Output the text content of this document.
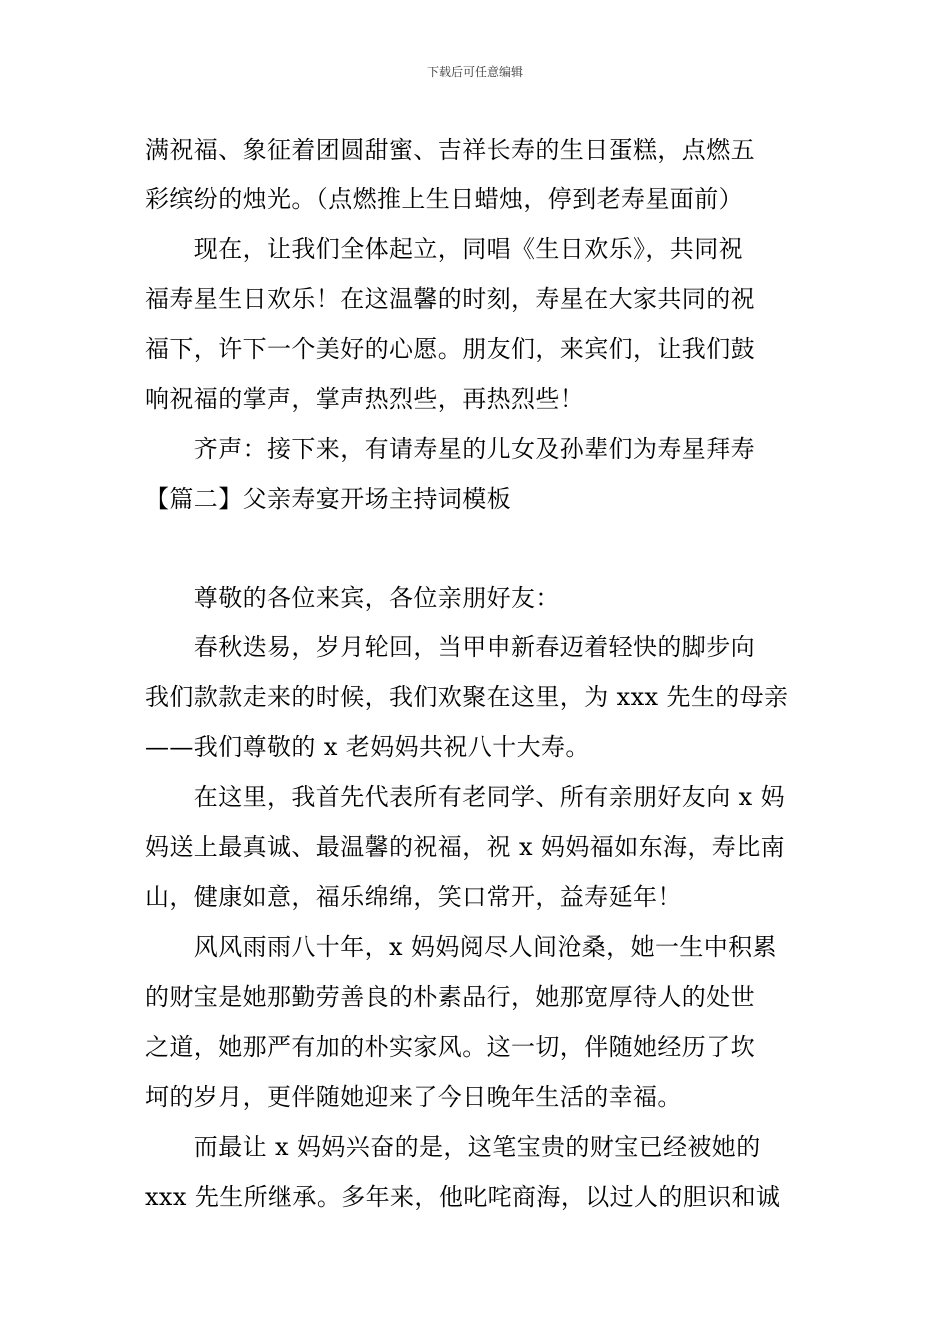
下载后可任意编辑
满祝福、象征着团圆甜蜜、吉祥长寿的生日蛋糕，点燃五
彩缤纷的烛光。（点燃推上生日蜡烛，停到老寿星面前）
　　现在，让我们全体起立，同唱《生日欢乐》，共同祝
福寿星生日欢乐！在这温馨的时刻，寿星在大家共同的祝
福下，许下一个美好的心愿。朋友们，来宾们，让我们鼓
响祝福的掌声，掌声热烈些，再热烈些！
　　齐声：接下来，有请寿星的儿女及孙辈们为寿星拜寿
【篇二】父亲寿宴开场主持词模板
　　尊敬的各位来宾，各位亲朋好友：
　　春秋迭易，岁月轮回，当甲申新春迈着轻快的脚步向
我们款款走来的时候，我们欢聚在这里，为 xxx 先生的母亲
——我们尊敬的 x 老妈妈共祝八十大寿。
　　在这里，我首先代表所有老同学、所有亲朋好友向 x 妈
妈送上最真诚、最温馨的祝福，祝 x 妈妈福如东海，寿比南
山，健康如意，福乐绵绵，笑口常开，益寿延年！
　　风风雨雨八十年，x 妈妈阅尽人间沧桑，她一生中积累
的财宝是她那勤劳善良的朴素品行，她那宽厚待人的处世
之道，她那严有加的朴实家风。这一切，伴随她经历了坎
坷的岁月，更伴随她迎来了今日晚年生活的幸福。
　　而最让 x 妈妈兴奋的是，这笔宝贵的财宝已经被她的
xxx 先生所继承。多年来，他叱咤商海，以过人的胆识和诚
